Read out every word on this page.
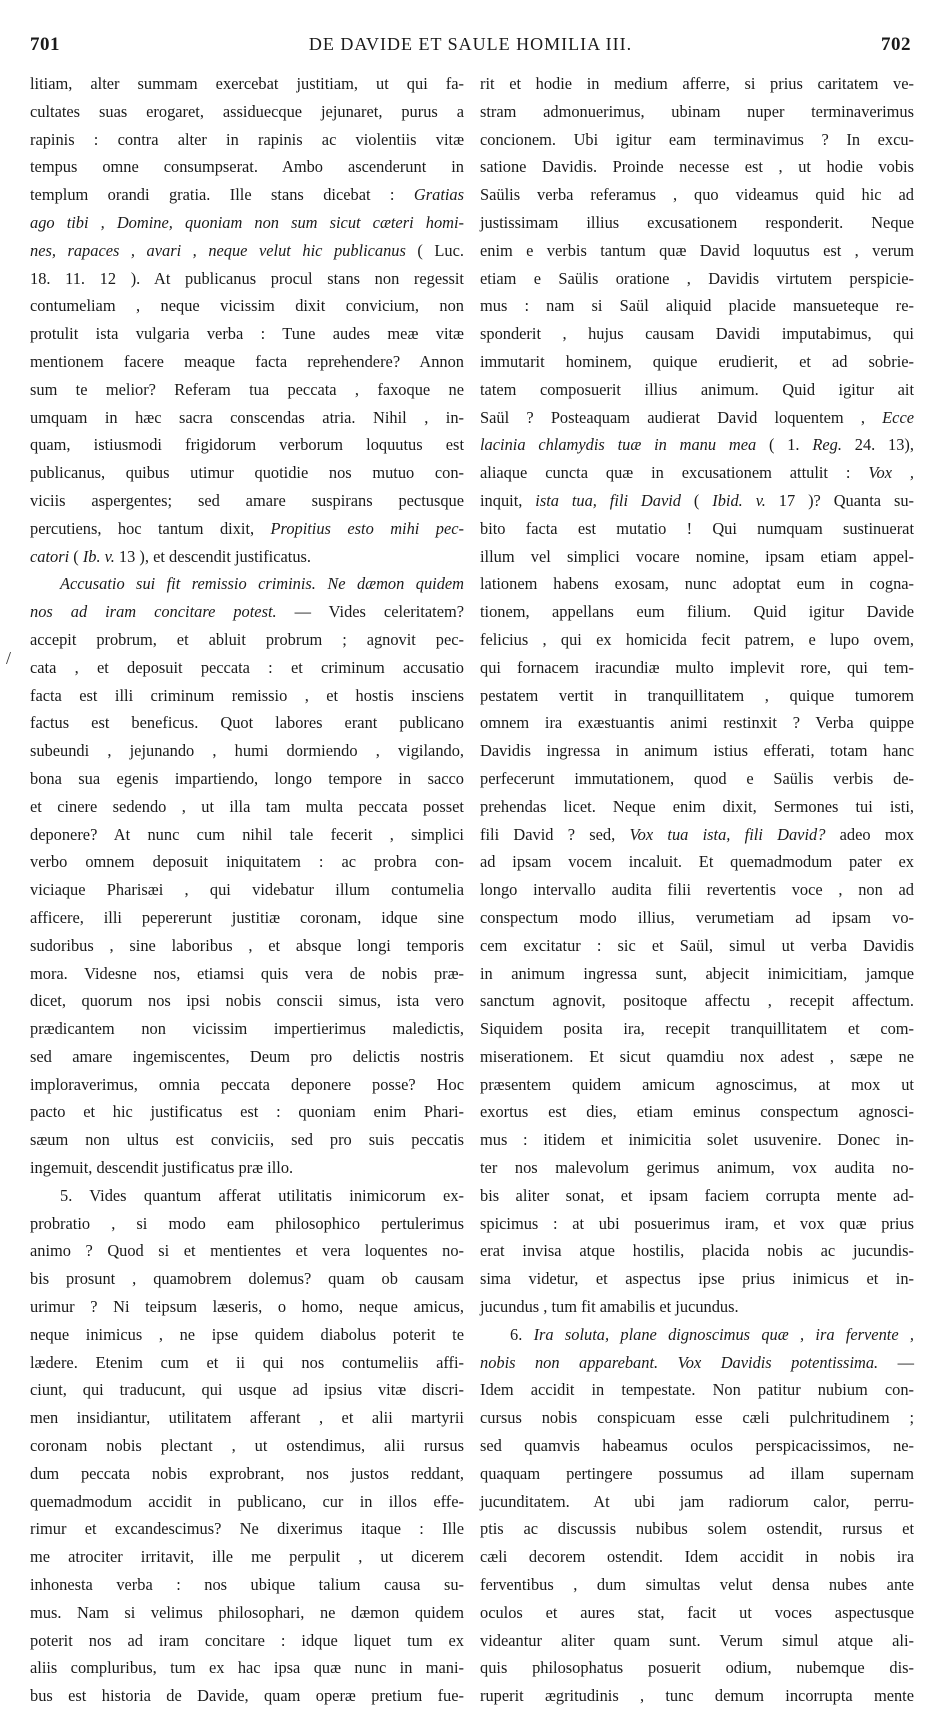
701	DE DAVIDE ET SAULE HOMILIA III.	702
/
litiam, alter summam exercebat justitiam, ut qui fa-
cultates suas erogaret, assiduecque jejunaret, purus a
rapinis : contra alter in rapinis ac violentiis vitæ
tempus omne consumpserat. Ambo ascenderunt in
templum orandi gratia. Ille stans dicebat : Gratias
ago tibi , Domine, quoniam non sum sicut cæteri homi-
nes, rapaces , avari , neque velut hic publicanus ( Luc.
18. 11. 12 ). At publicanus procul stans non regessit
contumeliam , neque vicissim dixit convicium, non
protulit ista vulgaria verba : Tune audes meæ vitæ
mentionem facere meaque facta reprehendere? Annon
sum te melior? Referam tua peccata , faxoque ne
umquam in hæc sacra conscendas atria. Nihil , in-
quam, istiusmodi frigidorum verborum loquutus est
publicanus, quibus utimur quotidie nos mutuo con-
viciis aspergentes; sed amare suspirans pectusque
percutiens, hoc tantum dixit, Propitius esto mihi pec-
catori ( Ib. v. 13 ), et descendit justificatus.
Accusatio sui fit remissio criminis. Ne dæmon quidem
nos ad iram concitare potest. — Vides celeritatem?
accepit probrum, et abluit probrum ; agnovit pec-
cata , et deposuit peccata : et criminum accusatio
facta est illi criminum remissio , et hostis insciens
factus est beneficus. Quot labores erant publicano
subeundi , jejunando , humi dormiendo , vigilando,
bona sua egenis impartiendo, longo tempore in sacco
et cinere sedendo , ut illa tam multa peccata posset
deponere? At nunc cum nihil tale fecerit , simplici
verbo omnem deposuit iniquitatem : ac probra con-
viciaque Pharisæi , qui videbatur illum contumelia
afficere, illi pepererunt justitiæ coronam, idque sine
sudoribus , sine laboribus , et absque longi temporis
mora. Videsne nos, etiamsi quis vera de nobis præ-
dicet, quorum nos ipsi nobis conscii simus, ista vero
prædicantem non vicissim impertierimus maledictis,
sed amare ingemiscentes, Deum pro delictis nostris
imploraverimus, omnia peccata deponere posse? Hoc
pacto et hic justificatus est : quoniam enim Phari-
sæum non ultus est conviciis, sed pro suis peccatis
ingemuit, descendit justificatus præ illo.
5. Vides quantum afferat utilitatis inimicorum ex-
probratio , si modo eam philosophico pertulerimus
animo ? Quod si et mentientes et vera loquentes no-
bis prosunt , quamobrem dolemus? quam ob causam
urimur ? Ni teipsum læseris, o homo, neque amicus,
neque inimicus , ne ipse quidem diabolus poterit te
lædere. Etenim cum et ii qui nos contumeliis affi-
ciunt, qui traducunt, qui usque ad ipsius vitæ discri-
men insidiantur, utilitatem afferant , et alii martyrii
coronam nobis plectant , ut ostendimus, alii rursus
dum peccata nobis exprobrant, nos justos reddant,
quemadmodum accidit in publicano, cur in illos effe-
rimur et excandescimus? Ne dixerimus itaque : Ille
me atrociter irritavit, ille me perpulit , ut dicerem
inhonesta verba : nos ubique talium causa su-
mus. Nam si velimus philosophari, ne dæmon quidem
poterit nos ad iram concitare : idque liquet tum ex
aliis compluribus, tum ex hac ipsa quæ nunc in mani-
bus est historia de Davide, quam operæ pretium fue-
rit et hodie in medium afferre, si prius caritatem ve-
stram admonuerimus, ubinam nuper terminaverimus
concionem. Ubi igitur eam terminavimus ? In excu-
satione Davidis. Proinde necesse est , ut hodie vobis
Saülis verba referamus , quo videamus quid hic ad
justissimam illius excusationem responderit. Neque
enim e verbis tantum quæ David loquutus est , verum
etiam e Saülis oratione , Davidis virtutem perspicie-
mus : nam si Saül aliquid placide mansueteque re-
sponderit , hujus causam Davidi imputabimus, qui
immutarit hominem, quique erudierit, et ad sobrie-
tatem composuerit illius animum. Quid igitur ait
Saül ? Posteaquam audierat David loquentem , Ecce
lacinia chlamydis tuæ in manu mea ( 1. Reg. 24. 13),
aliaque cuncta quæ in excusationem attulit : Vox ,
inquit, ista tua, fili David ( Ibid. v. 17 )? Quanta su-
bito facta est mutatio ! Qui numquam sustinuerat
illum vel simplici vocare nomine, ipsam etiam appel-
lationem habens exosam, nunc adoptat eum in cogna-
tionem, appellans eum filium. Quid igitur Davide
felicius , qui ex homicida fecit patrem, e lupo ovem,
qui fornacem iracundiæ multo implevit rore, qui tem-
pestatem vertit in tranquillitatem , quique tumorem
omnem ira exæstuantis animi restinxit ? Verba quippe
Davidis ingressa in animum istius efferati, totam hanc
perfecerunt immutationem, quod e Saülis verbis de-
prehendas licet. Neque enim dixit, Sermones tui isti,
fili David ? sed, Vox tua ista, fili David? adeo mox
ad ipsam vocem incaluit. Et quemadmodum pater ex
longo intervallo audita filii revertentis voce , non ad
conspectum modo illius, verumetiam ad ipsam vo-
cem excitatur : sic et Saül, simul ut verba Davidis
in animum ingressa sunt, abjecit inimicitiam, jamque
sanctum agnovit, positoque affectu , recepit affectum.
Siquidem posita ira, recepit tranquillitatem et com-
miserationem. Et sicut quamdiu nox adest , sæpe ne
præsentem quidem amicum agnoscimus, at mox ut
exortus est dies, etiam eminus conspectum agnosci-
mus : itidem et inimicitia solet usuvenire. Donec in-
ter nos malevolum gerimus animum, vox audita no-
bis aliter sonat, et ipsam faciem corrupta mente ad-
spicimus : at ubi posuerimus iram, et vox quæ prius
erat invisa atque hostilis, placida nobis ac jucundis-
sima videtur, et aspectus ipse prius inimicus et in-
jucundus , tum fit amabilis et jucundus.
6. Ira soluta, plane dignoscimus quæ , ira fervente ,
nobis non apparebant. Vox Davidis potentissima. —
Idem accidit in tempestate. Non patitur nubium con-
cursus nobis conspicuam esse cæli pulchritudinem ;
sed quamvis habeamus oculos perspicacissimos, ne-
quaquam pertingere possumus ad illam supernam
jucunditatem. At ubi jam radiorum calor, perru-
ptis ac discussis nubibus solem ostendit, rursus et
cæli decorem ostendit. Idem accidit in nobis ira
ferventibus , dum simultas velut densa nubes ante
oculos et aures stat, facit ut voces aspectusque
videantur aliter quam sunt. Verum simul atque ali-
quis philosophatus posuerit odium, nubemque dis-
ruperit ægritudinis , tunc demum incorrupta mente
